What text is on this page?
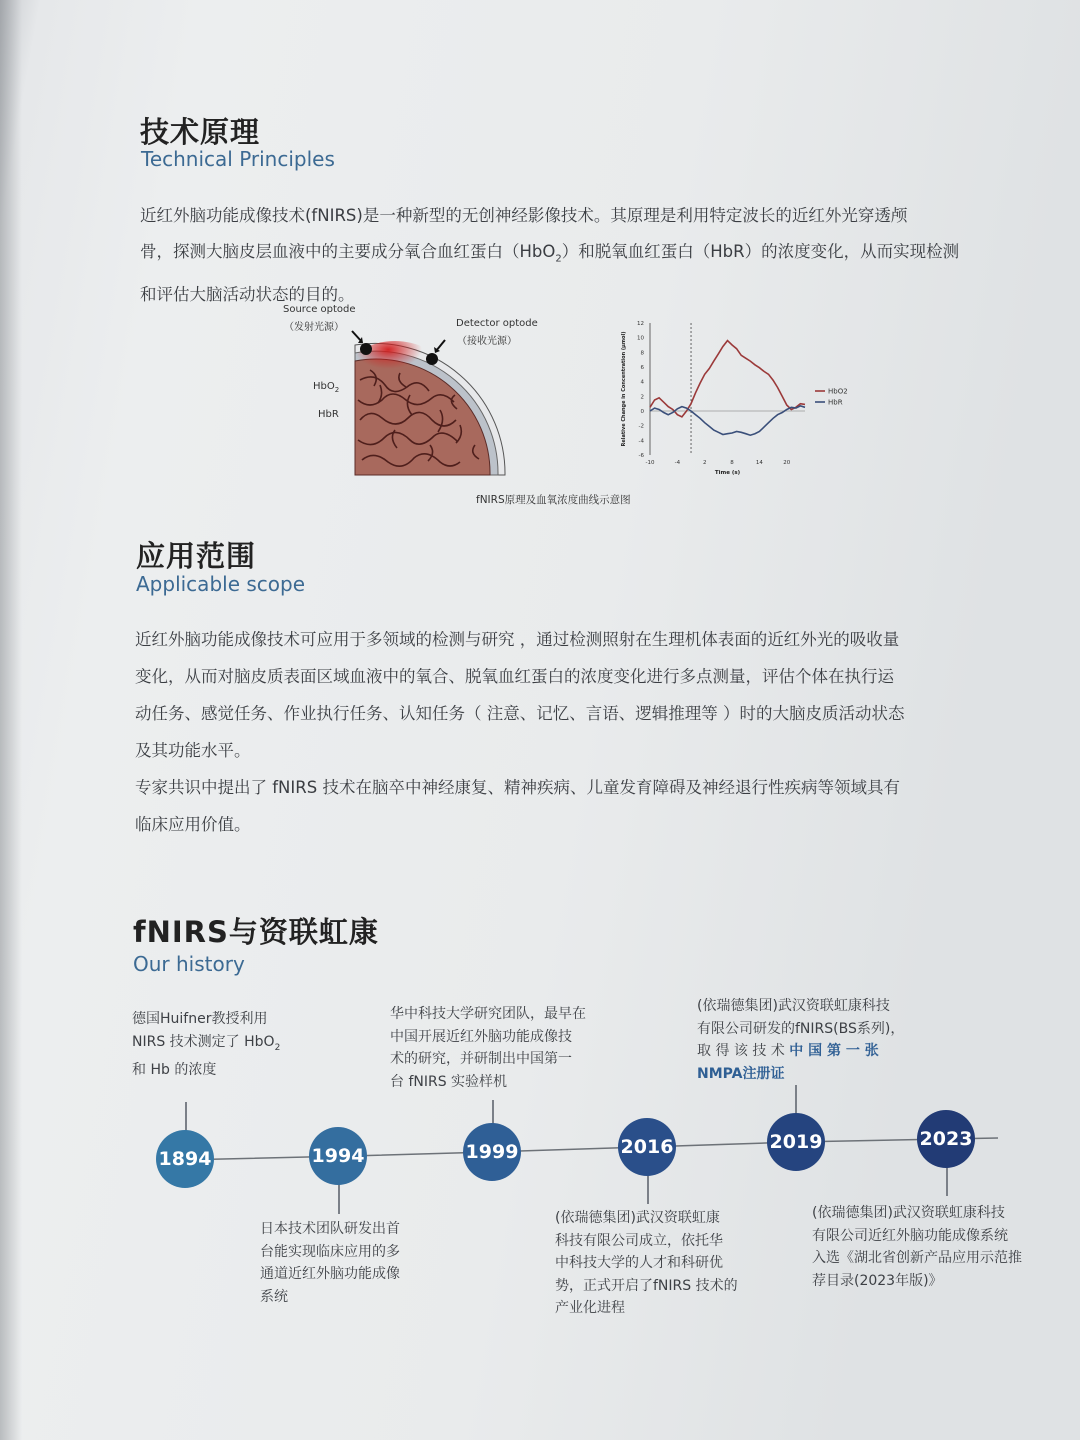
技术原理
Technical Principles

近红外脑功能成像技术(fNIRS)是一种新型的无创神经影像技术。其原理是利用特定波长的近红外光穿透颅

骨，探测大脑皮层血液中的主要成分氧合血红蛋白（HbO$_2$）和脱氧血红蛋白（HbR）的浓度变化，从而实现检测

和评估大脑活动状态的目的。

Source optode
（发射光源）	Detector optode
（接收光源）
HbO$_2$
HbR
12
10
8
6
4
2
0
-2
-4
-6
-10	-4	2	8	14	20
Time (s)
Relative Change in Concentration (μmol)	HbO2
HbR
fNIRS原理及血氧浓度曲线示意图
应用范围
Applicable scope

近红外脑功能成像技术可应用于多领域的检测与研究 ，通过检测照射在生理机体表面的近红外光的吸收量

变化，从而对脑皮质表面区域血液中的氧合、脱氧血红蛋白的浓度变化进行多点测量，评估个体在执行运

动任务、感觉任务、作业执行任务、认知任务（ 注意、记忆、言语、逻辑推理等 ）时的大脑皮质活动状态

及其功能水平。

专家共识中提出了 fNIRS 技术在脑卒中神经康复、精神疾病、儿童发育障碍及神经退行性疾病等领域具有

临床应用价值。

fNIRS与资联虹康
Our history
1894	1994	1999	2016	2019	2023
德国Huifner教授利用
NIRS 技术测定了 HbO$_2$
和 Hb 的浓度
日本技术团队研发出首
台能实现临床应用的多
通道近红外脑功能成像
系统
华中科技大学研究团队，最早在
中国开展近红外脑功能成像技
术的研究，并研制出中国第一
台 fNIRS 实验样机
(依瑞德集团)武汉资联虹康
科技有限公司成立，依托华
中科技大学的人才和科研优
势，正式开启了fNIRS 技术的
产业化进程
(依瑞德集团)武汉资联虹康科技
有限公司研发的fNIRS(BS系列)，
取 得 该 技 术 中 国 第 一 张
NMPA注册证
(依瑞德集团)武汉资联虹康科技
有限公司近红外脑功能成像系统
入选《湖北省创新产品应用示范推
荐目录(2023年版)》
